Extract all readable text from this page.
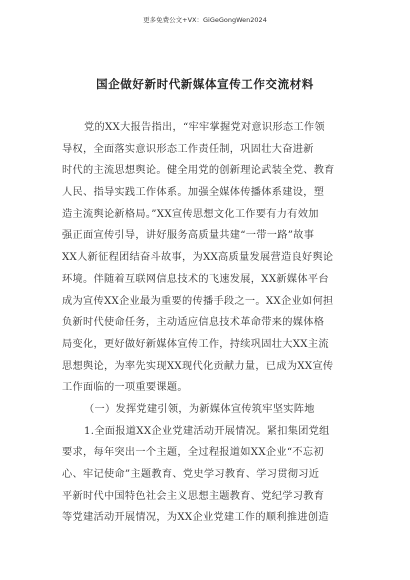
更多免费公文+VX：GiGeGongWen2024
国企做好新时代新媒体宣传工作交流材料
党的XX大报告指出，“牢牢掌握党对意识形态工作领
导权，全面落实意识形态工作责任制，巩固壮大奋进新
时代的主流思想舆论。健全用党的创新理论武装全党、教育
人民、指导实践工作体系。加强全媒体传播体系建设，塑
造主流舆论新格局。”XX宣传思想文化工作要有力有效加
强正面宣传引导，讲好服务高质量共建“一带一路”故事
XX人新征程团结奋斗故事，为XX高质量发展营造良好舆论
环境。伴随着互联网信息技术的飞速发展，XX新媒体平台
成为宣传XX企业最为重要的传播手段之一。XX企业如何担
负新时代使命任务，主动适应信息技术革命带来的媒体格
局变化，更好做好新媒体宣传工作，持续巩固壮大XX主流
思想舆论，为率先实现XX现代化贡献力量，已成为XX宣传
工作面临的一项重要课题。
（一）发挥党建引领，为新媒体宣传筑牢坚实阵地
1.全面报道XX企业党建活动开展情况。紧扣集团党组
要求，每年突出一个主题，全过程报道如XX企业“不忘初
心、牢记使命”主题教育、党史学习教育、学习贯彻习近
平新时代中国特色社会主义思想主题教育、党纪学习教育
等党建活动开展情况，为XX企业党建工作的顺利推进创造
